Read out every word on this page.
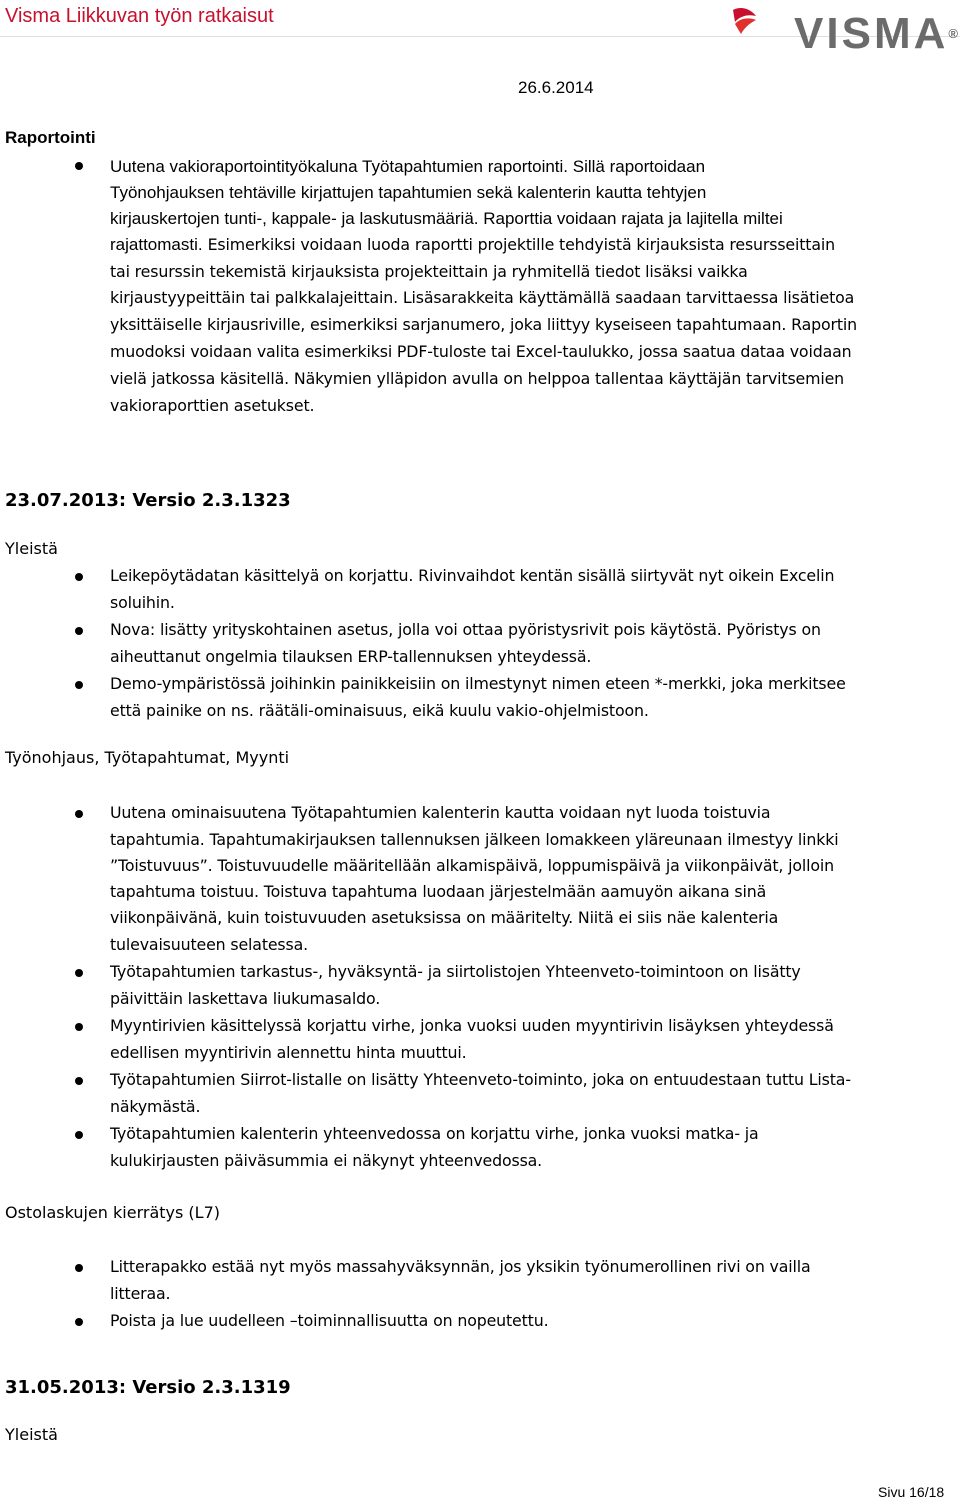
Visma Liikkuvan työn ratkaisut	VISMA®
26.6.2014
Raportointi
Uutena vakioraportointityökaluna Työtapahtumien raportointi. Sillä raportoidaan
Työnohjauksen tehtäville kirjattujen tapahtumien sekä kalenterin kautta tehtyjen
kirjauskertojen tunti-, kappale- ja laskutusmääriä. Raporttia voidaan rajata ja lajitella miltei
rajattomasti. Esimerkiksi voidaan luoda raportti projektille tehdyistä kirjauksista resursseittain
tai resurssin tekemistä kirjauksista projekteittain ja ryhmitellä tiedot lisäksi vaikka
kirjaustyypeittäin tai palkkalajeittain. Lisäsarakkeita käyttämällä saadaan tarvittaessa lisätietoa
yksittäiselle kirjausriville, esimerkiksi sarjanumero, joka liittyy kyseiseen tapahtumaan. Raportin
muodoksi voidaan valita esimerkiksi PDF-tuloste tai Excel-taulukko, jossa saatua dataa voidaan
vielä jatkossa käsitellä. Näkymien ylläpidon avulla on helppoa tallentaa käyttäjän tarvitsemien
vakioraporttien asetukset.
23.07.2013: Versio 2.3.1323
Yleistä
Leikepöytädatan käsittelyä on korjattu. Rivinvaihdot kentän sisällä siirtyvät nyt oikein Excelin
soluihin.
Nova: lisätty yrityskohtainen asetus, jolla voi ottaa pyöristysrivit pois käytöstä. Pyöristys on
aiheuttanut ongelmia tilauksen ERP-tallennuksen yhteydessä.
Demo-ympäristössä joihinkin painikkeisiin on ilmestynyt nimen eteen *-merkki, joka merkitsee
että painike on ns. räätäli-ominaisuus, eikä kuulu vakio-ohjelmistoon.
Työnohjaus, Työtapahtumat, Myynti
Uutena ominaisuutena Työtapahtumien kalenterin kautta voidaan nyt luoda toistuvia
tapahtumia. Tapahtumakirjauksen tallennuksen jälkeen lomakkeen yläreunaan ilmestyy linkki
”Toistuvuus”. Toistuvuudelle määritellään alkamispäivä, loppumispäivä ja viikonpäivät, jolloin
tapahtuma toistuu. Toistuva tapahtuma luodaan järjestelmään aamuyön aikana sinä
viikonpäivänä, kuin toistuvuuden asetuksissa on määritelty. Niitä ei siis näe kalenteria
tulevaisuuteen selatessa.
Työtapahtumien tarkastus-, hyväksyntä- ja siirtolistojen Yhteenveto-toimintoon on lisätty
päivittäin laskettava liukumasaldo.
Myyntirivien käsittelyssä korjattu virhe, jonka vuoksi uuden myyntirivin lisäyksen yhteydessä
edellisen myyntirivin alennettu hinta muuttui.
Työtapahtumien Siirrot-listalle on lisätty Yhteenveto-toiminto, joka on entuudestaan tuttu Lista-
näkymästä.
Työtapahtumien kalenterin yhteenvedossa on korjattu virhe, jonka vuoksi matka- ja
kulukirjausten päiväsummia ei näkynyt yhteenvedossa.
Ostolaskujen kierrätys (L7)
Litterapakko estää nyt myös massahyväksynnän, jos yksikin työnumerollinen rivi on vailla
litteraa.
Poista ja lue uudelleen –toiminnallisuutta on nopeutettu.
31.05.2013: Versio 2.3.1319
Yleistä
Sivu 16/18
